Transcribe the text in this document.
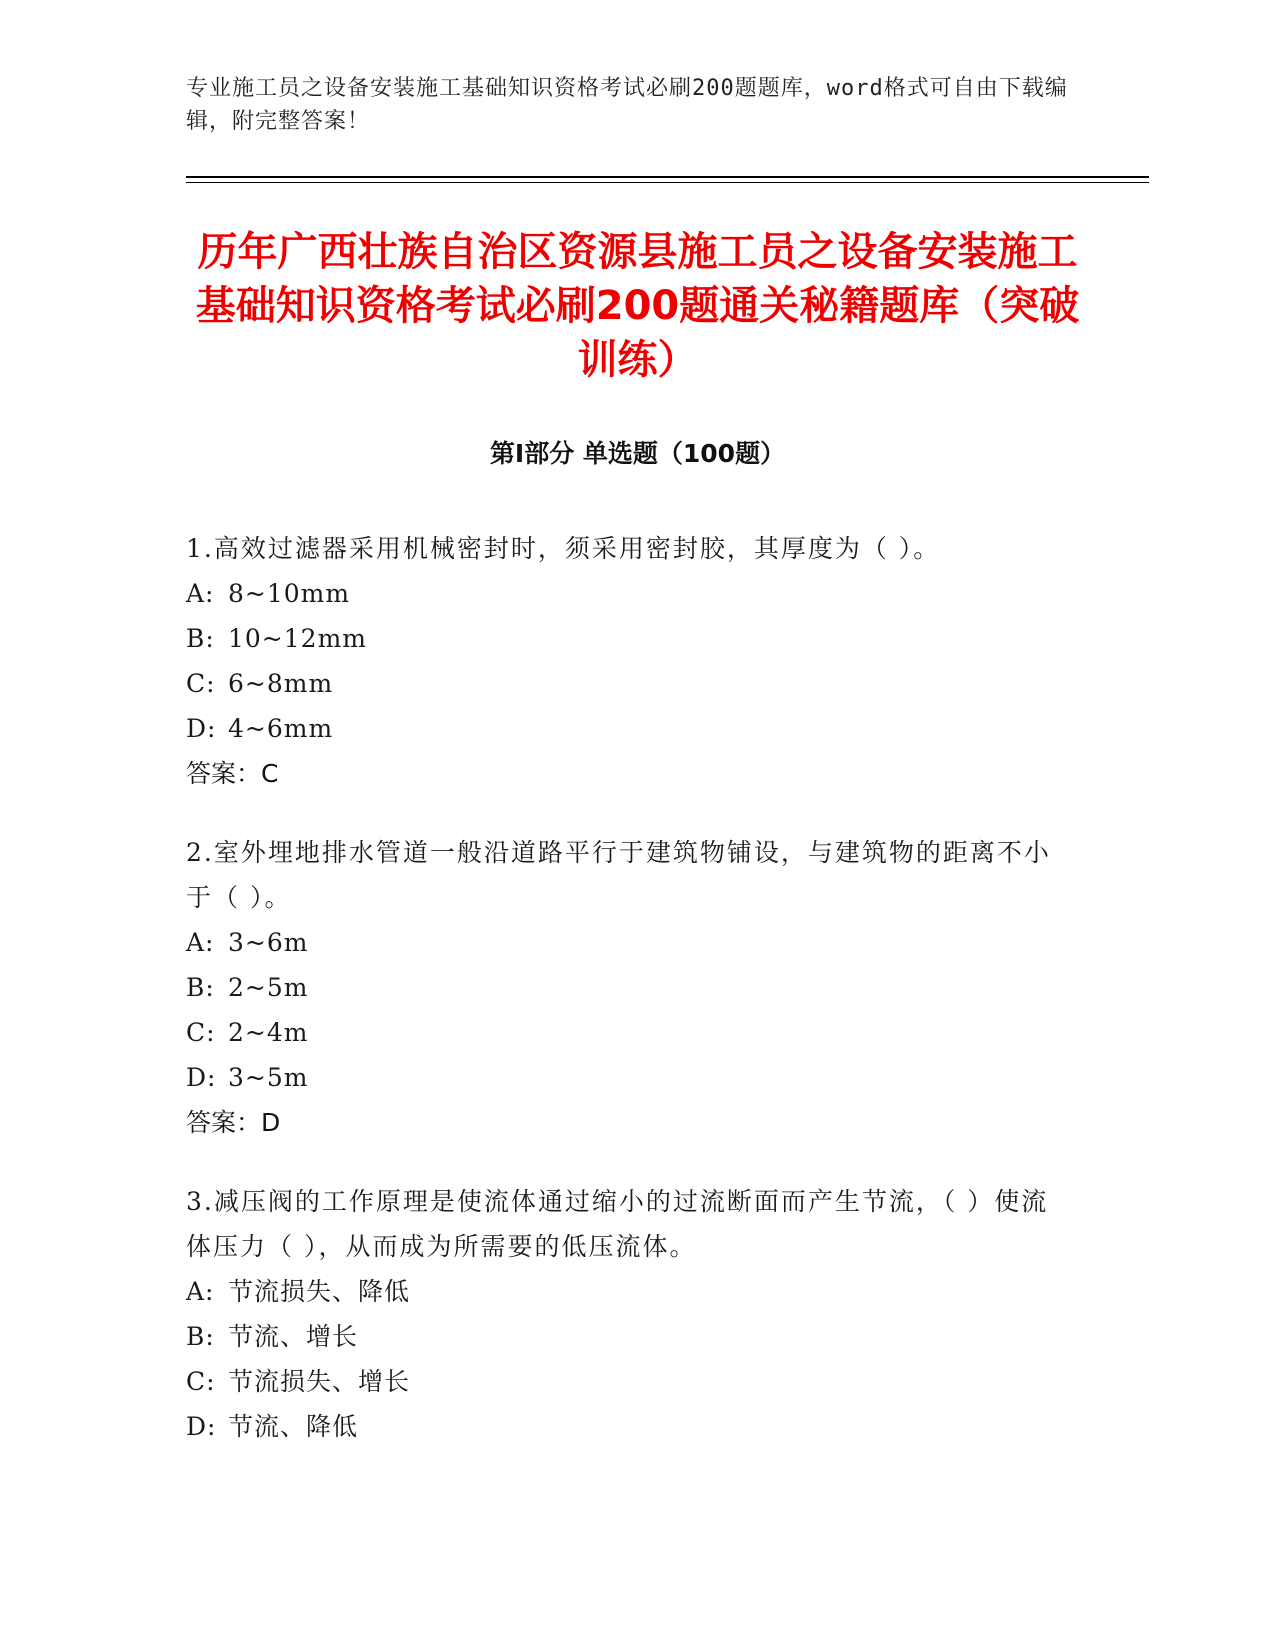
专业施工员之设备安装施工基础知识资格考试必刷200题题库，word格式可自由下载编辑，附完整答案！
历年广西壮族自治区资源县施工员之设备安装施工基础知识资格考试必刷200题通关秘籍题库（突破训练）
第Ⅰ部分 单选题（100题）
1.高效过滤器采用机械密封时，须采用密封胶，其厚度为（ ）。
A: 8~10mm
B: 10~12mm
C: 6~8mm
D: 4~6mm
答案：C
2.室外埋地排水管道一般沿道路平行于建筑物铺设，与建筑物的距离不小于（ ）。
A: 3~6m
B: 2~5m
C: 2~4m
D: 3~5m
答案：D
3.减压阀的工作原理是使流体通过缩小的过流断面而产生节流，（ ）使流体压力（ ），从而成为所需要的低压流体。
A: 节流损失、降低
B: 节流、增长
C: 节流损失、增长
D: 节流、降低
